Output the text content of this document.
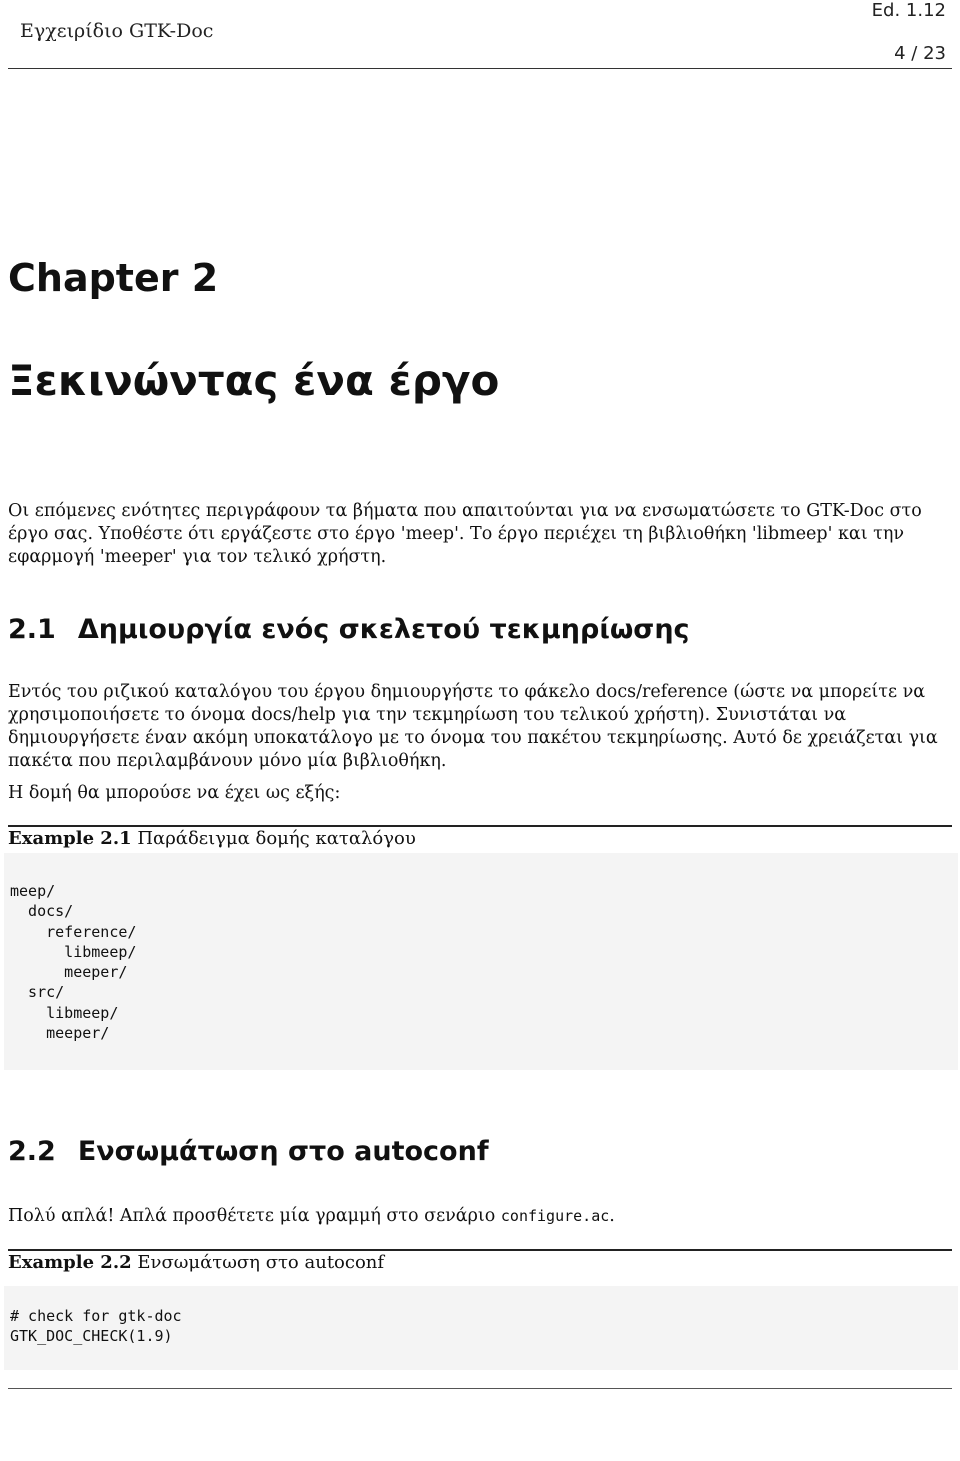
Εγχειρίδιο GTK-Doc
Ed. 1.12
4 / 23
Chapter 2
Ξεκινώντας ένα έργο
Οι επόμενες ενότητες περιγράφουν τα βήματα που απαιτούνται για να ενσωματώσετε το GTK-Doc στο έργο σας. Υποθέστε ότι εργάζεστε στο έργο 'meep'. Το έργο περιέχει τη βιβλιοθήκη 'libmeep' και την εφαρμογή 'meeper' για τον τελικό χρήστη.
2.1 Δημιουργία ενός σκελετού τεκμηρίωσης
Εντός του ριζικού καταλόγου του έργου δημιουργήστε το φάκελο docs/reference (ώστε να μπορείτε να χρησιμοποιήσετε το όνομα docs/help για την τεκμηρίωση του τελικού χρήστη). Συνιστάται να δημιουργήσετε έναν ακόμη υποκατάλογο με το όνομα του πακέτου τεκμηρίωσης. Αυτό δε χρειάζεται για πακέτα που περιλαμβάνουν μόνο μία βιβλιοθήκη.
Η δομή θα μπορούσε να έχει ως εξής:
Example 2.1 Παράδειγμα δομής καταλόγου
meep/
docs/
reference/
libmeep/
meeper/
src/
libmeep/
meeper/
2.2 Ενσωμάτωση στο autoconf
Πολύ απλά! Απλά προσθέτετε μία γραμμή στο σενάριο configure.ac.
Example 2.2 Ενσωμάτωση στο autoconf
# check for gtk-doc
GTK_DOC_CHECK(1.9)
